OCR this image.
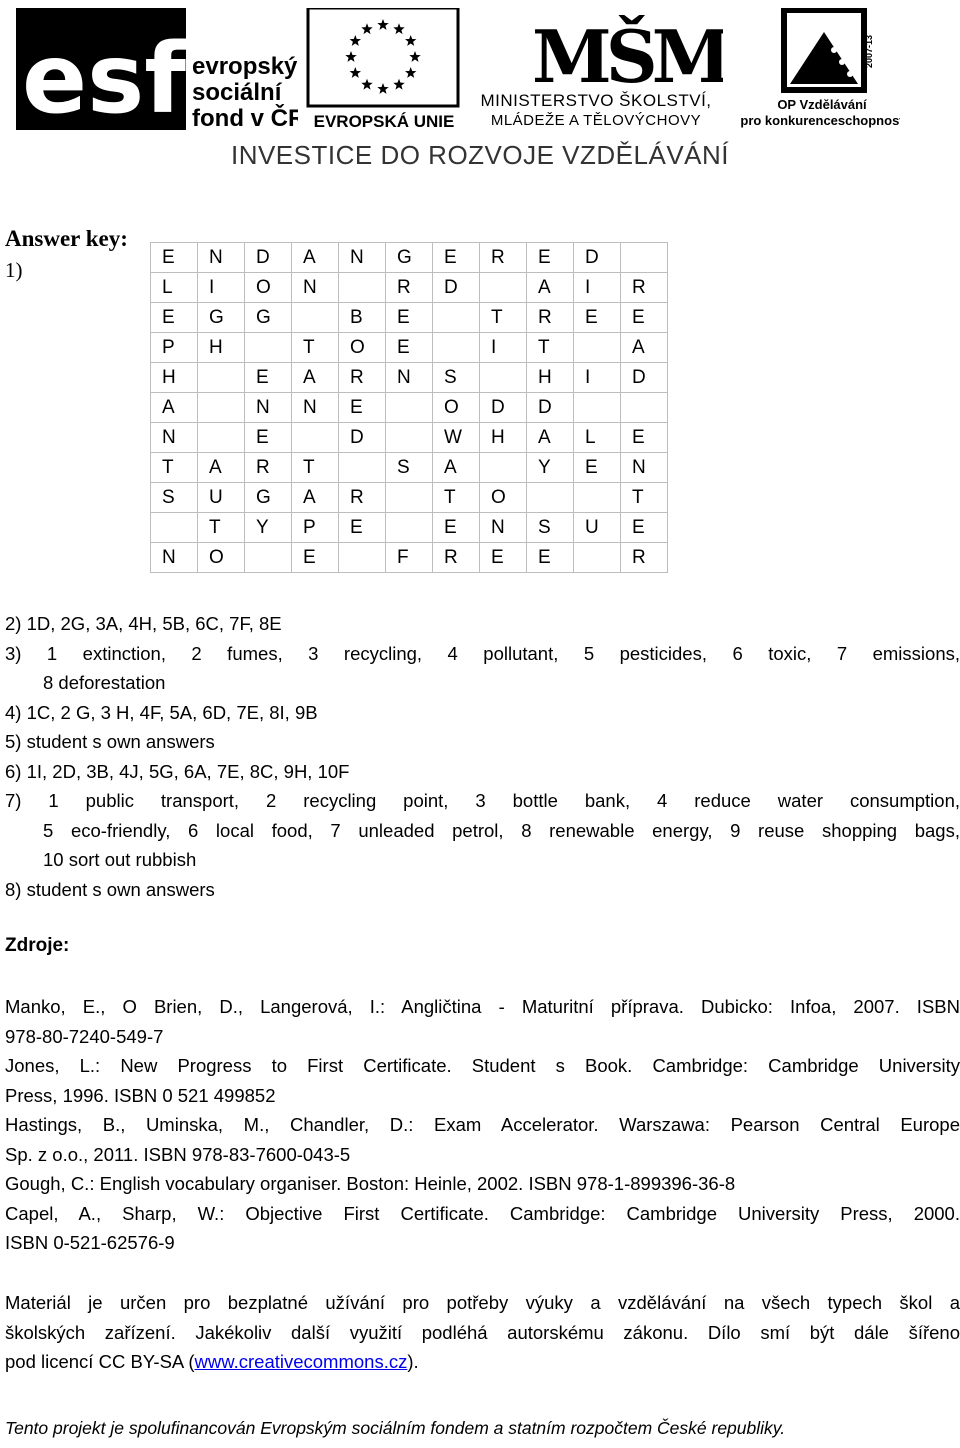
esf evropský
sociální
fond v ČR EVROPSKÁ UNIE
MŠM
MINISTERSTVO ŠKOLSTVÍ,
MLÁDEŽE A TĚLOVÝCHOVY
2007-13
OP Vzdělávání
pro konkurenceschopnost
INVESTICE DO ROZVOJE VZDĚLÁVÁNÍ
Answer key:
1)
E	N	D	A	N	G	E	R	E	D	
L	I	O	N		R	D		A	I	R
E	G	G		B	E		T	R	E	E
P	H		T	O	E		I	T		A
H		E	A	R	N	S		H	I	D
A		N	N	E		O	D	D		
N		E		D		W	H	A	L	E
T	A	R	T		S	A		Y	E	N
S	U	G	A	R		T	O			T
	T	Y	P	E		E	N	S	U	E
N	O		E		F	R	E	E		R
2) 1D, 2G, 3A, 4H, 5B, 6C, 7F, 8E
3) 1 extinction, 2 fumes, 3 recycling, 4 pollutant, 5 pesticides, 6 toxic, 7 emissions,
8 deforestation
4) 1C, 2 G, 3 H, 4F, 5A, 6D, 7E, 8I, 9B
5) student s own answers
6) 1I, 2D, 3B, 4J, 5G, 6A, 7E, 8C, 9H, 10F
7) 1 public transport, 2 recycling point, 3 bottle bank, 4 reduce water consumption,
5 eco-friendly, 6 local food, 7 unleaded petrol, 8 renewable energy, 9 reuse shopping bags,
10 sort out rubbish
8) student s own answers
Zdroje:
Manko, E., O Brien, D., Langerová, I.: Angličtina - Maturitní příprava. Dubicko: Infoa, 2007. ISBN
978-80-7240-549-7
Jones, L.: New Progress to First Certificate. Student s Book. Cambridge: Cambridge University
Press, 1996. ISBN 0 521 499852
Hastings, B., Uminska, M., Chandler, D.: Exam Accelerator. Warszawa: Pearson Central Europe
Sp. z o.o., 2011. ISBN 978-83-7600-043-5
Gough, C.: English vocabulary organiser. Boston: Heinle, 2002. ISBN 978-1-899396-36-8
Capel, A., Sharp, W.: Objective First Certificate. Cambridge: Cambridge University Press, 2000.
ISBN 0-521-62576-9
Materiál je určen pro bezplatné užívání pro potřeby výuky a vzdělávání na všech typech škol a
školských zařízení. Jakékoliv další využití podléhá autorskému zákonu. Dílo smí být dále šířeno
pod licencí CC BY-SA (www.creativecommons.cz).
Tento projekt je spolufinancován Evropským sociálním fondem a statním rozpočtem České republiky.
